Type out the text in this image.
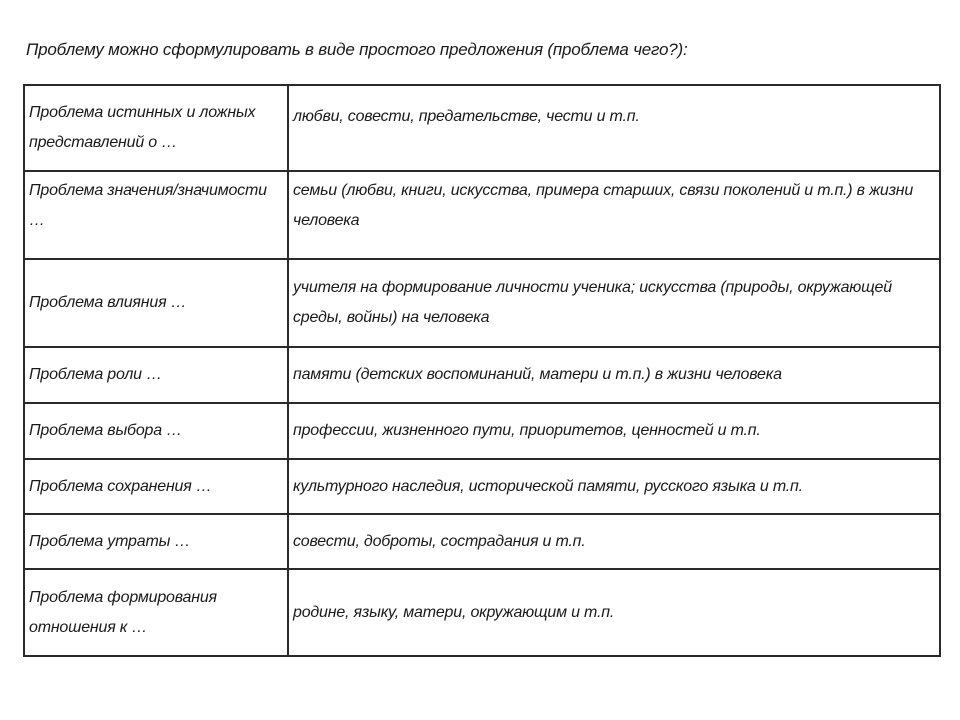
Проблему можно сформулировать в виде простого предложения (проблема чего?):
Проблема истинных и ложных представлений о …	любви, совести, предательстве, чести и т.п.
Проблема значения/значимости …	семьи (любви, книги, искусства, примера старших, связи поколений и т.п.) в жизни человека
Проблема влияния …	учителя на формирование личности ученика; искусства (природы, окружающей среды, войны) на человека
Проблема роли …	памяти (детских воспоминаний, матери и т.п.) в жизни человека
Проблема выбора …	профессии, жизненного пути, приоритетов, ценностей и т.п.
Проблема сохранения …	культурного наследия, исторической памяти, русского языка и т.п.
Проблема утраты …	совести, доброты, сострадания и т.п.
Проблема формирования отношения к …	родине, языку, матери, окружающим и т.п.
